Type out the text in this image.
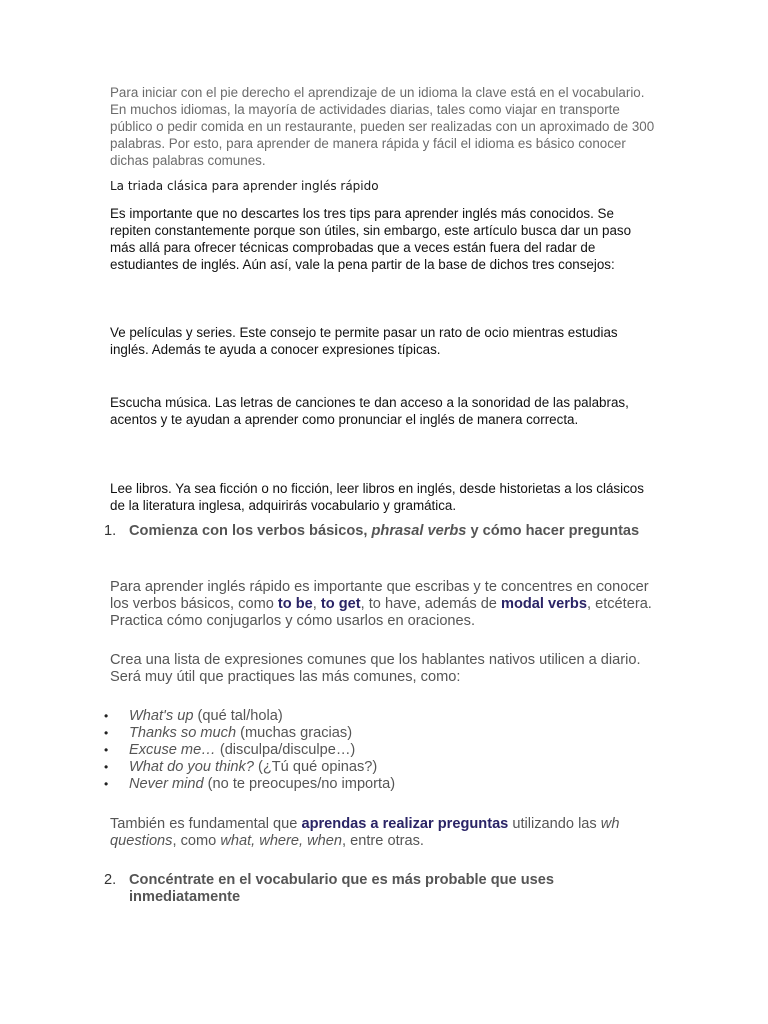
Para iniciar con el pie derecho el aprendizaje de un idioma la clave está en el vocabulario. En muchos idiomas, la mayoría de actividades diarias, tales como viajar en transporte público o pedir comida en un restaurante, pueden ser realizadas con un aproximado de 300 palabras. Por esto, para aprender de manera rápida y fácil el idioma es básico conocer dichas palabras comunes.

La triada clásica para aprender inglés rápido

Es importante que no descartes los tres tips para aprender inglés más conocidos. Se repiten constantemente porque son útiles, sin embargo, este artículo busca dar un paso más allá para ofrecer técnicas comprobadas que a veces están fuera del radar de estudiantes de inglés. Aún así, vale la pena partir de la base de dichos tres consejos:

Ve películas y series. Este consejo te permite pasar un rato de ocio mientras estudias inglés. Además te ayuda a conocer expresiones típicas.

Escucha música. Las letras de canciones te dan acceso a la sonoridad de las palabras, acentos y te ayudan a aprender como pronunciar el inglés de manera correcta.

Lee libros. Ya sea ficción o no ficción, leer libros en inglés, desde historietas a los clásicos de la literatura inglesa, adquirirás vocabulario y gramática.

1. Comienza con los verbos básicos, phrasal verbs y cómo hacer preguntas

Para aprender inglés rápido es importante que escribas y te concentres en conocer los verbos básicos, como to be, to get, to have, además de modal verbs, etcétera. Practica cómo conjugarlos y cómo usarlos en oraciones.

Crea una lista de expresiones comunes que los hablantes nativos utilicen a diario. Será muy útil que practiques las más comunes, como:

• What's up (qué tal/hola)
• Thanks so much (muchas gracias)
• Excuse me… (disculpa/disculpe…)
• What do you think? (¿Tú qué opinas?)
• Never mind (no te preocupes/no importa)

También es fundamental que aprendas a realizar preguntas utilizando las wh questions, como what, where, when, entre otras.

2. Concéntrate en el vocabulario que es más probable que uses inmediatamente
